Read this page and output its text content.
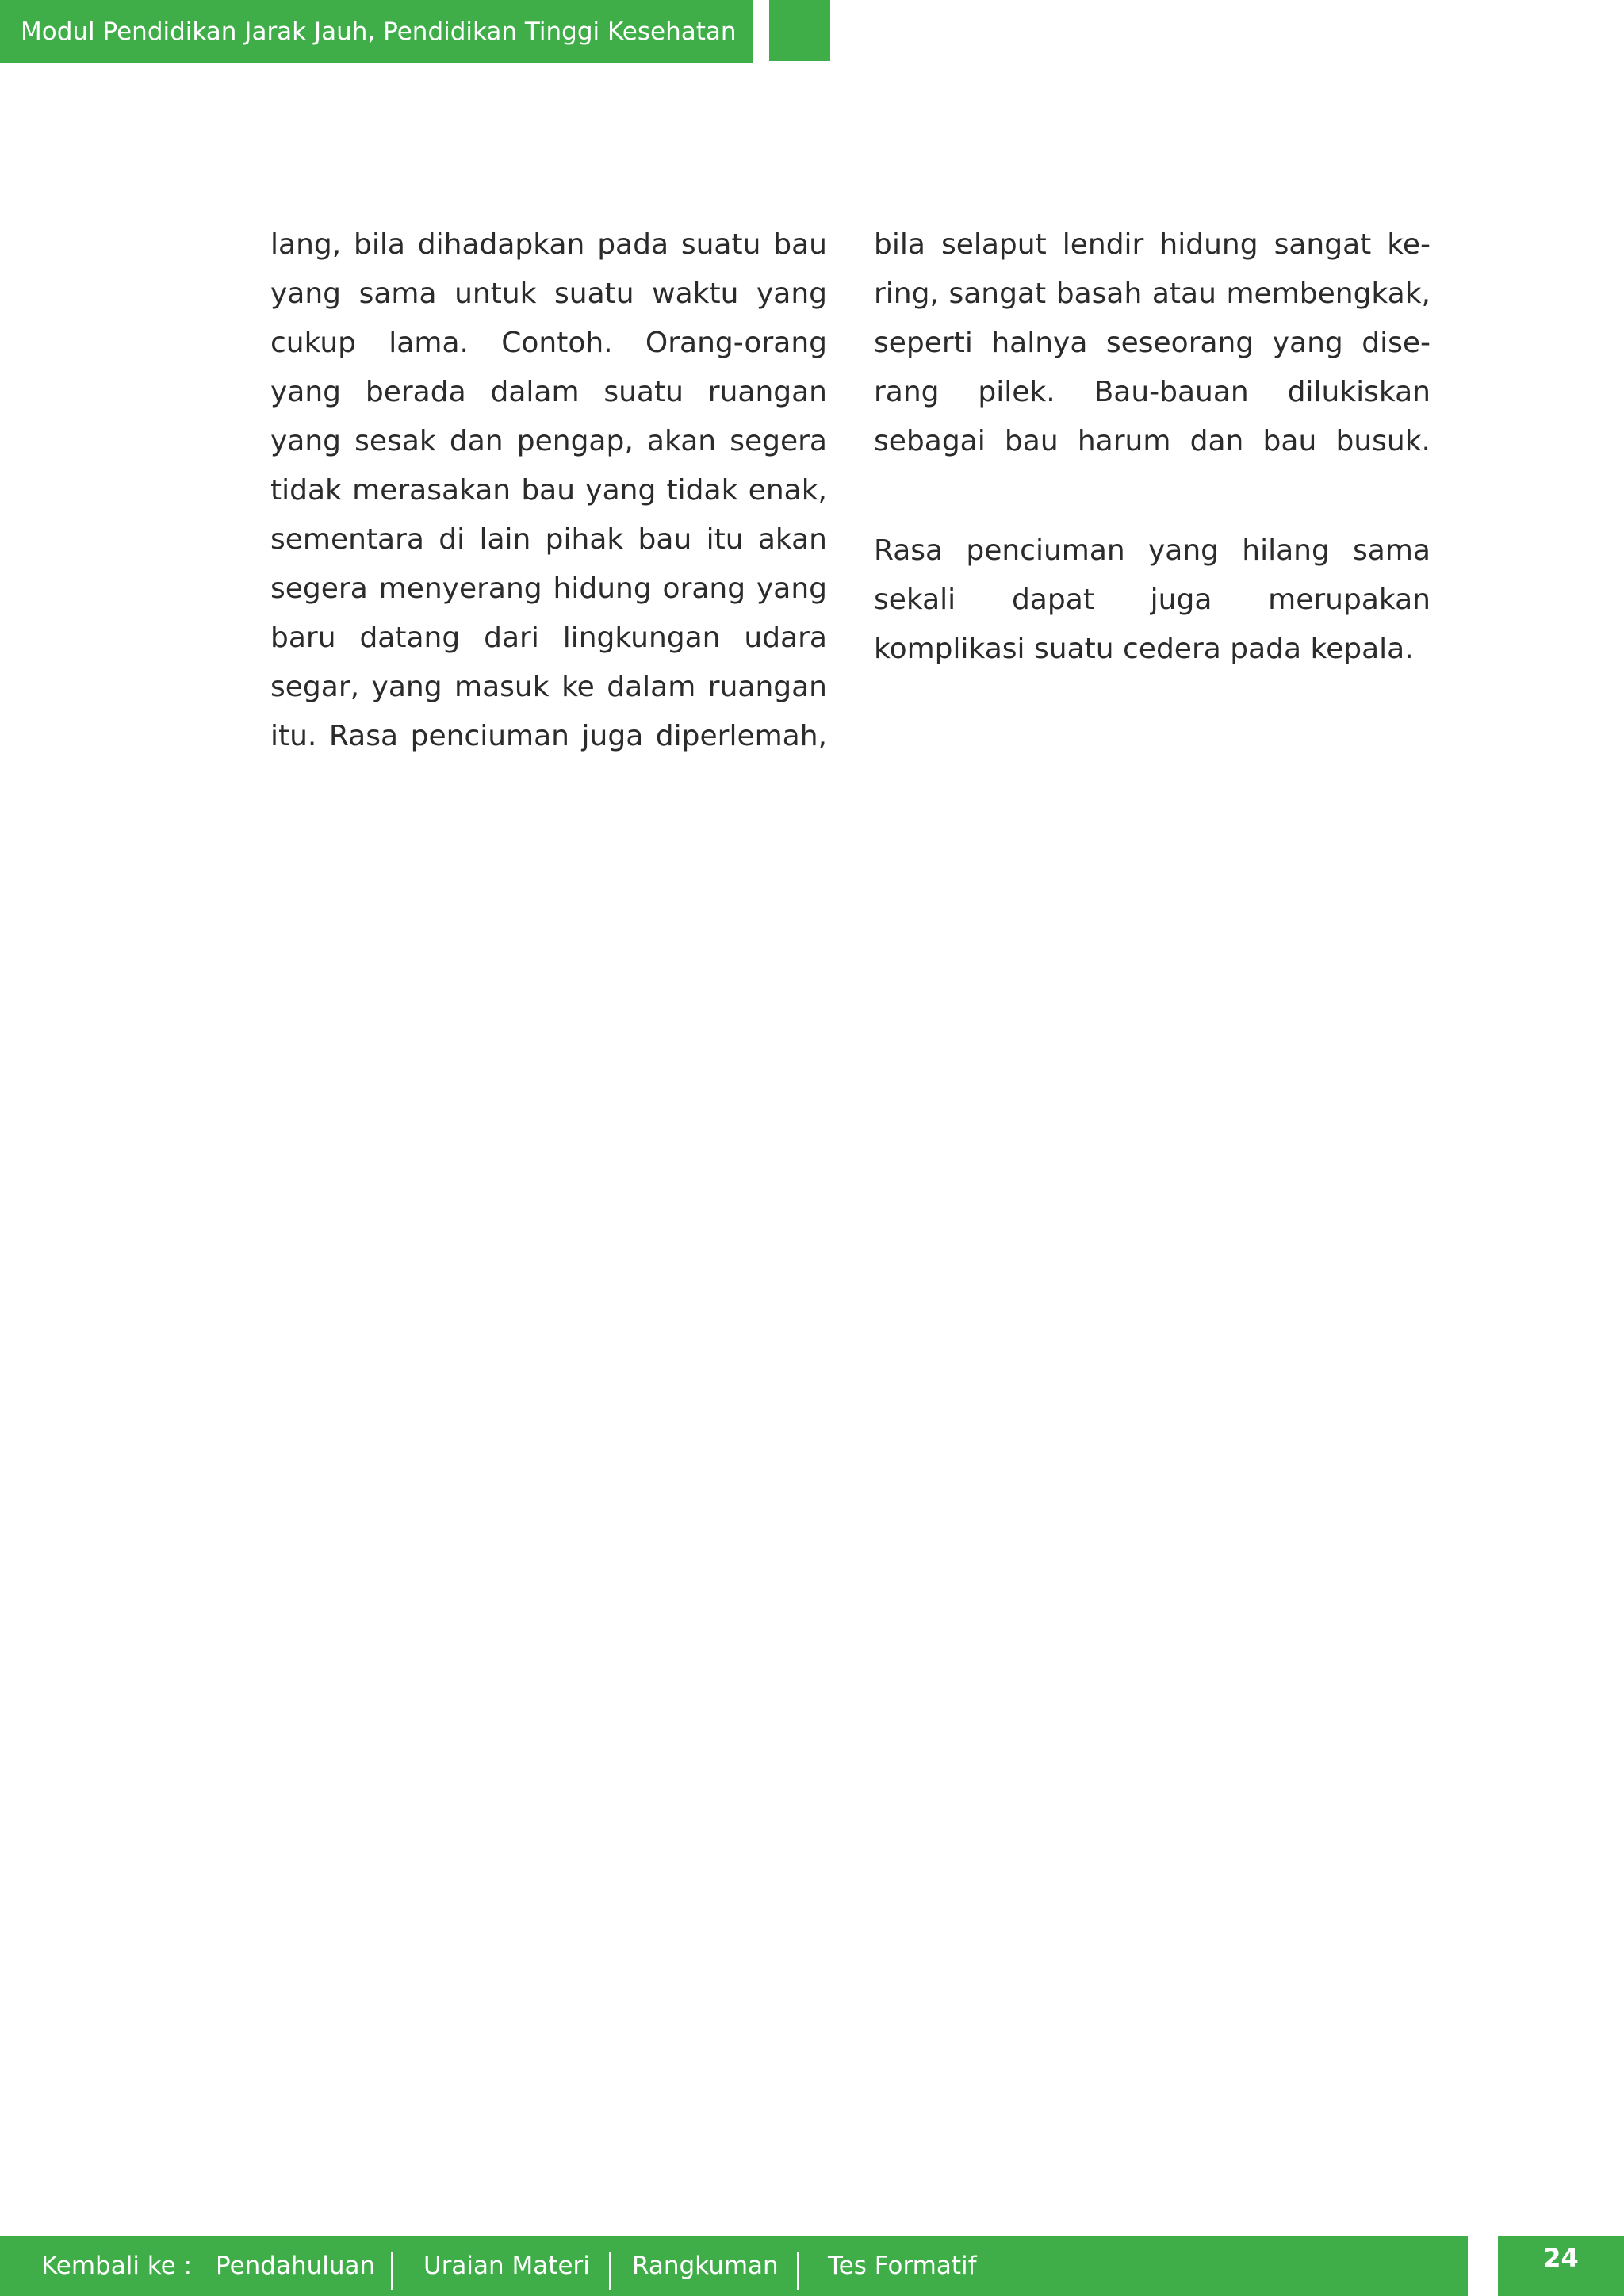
Modul Pendidikan Jarak Jauh, Pendidikan Tinggi Kesehatan

lang, bila dihadapkan pada suatu bau yang sama untuk suatu waktu yang cukup lama. Contoh. Orang-orang yang berada dalam suatu ruangan yang sesak dan pengap, akan segera tidak merasakan bau yang tidak enak, sementara di lain pihak bau itu akan segera menyerang hidung orang yang baru datang dari lingkungan udara segar, yang masuk ke dalam ruangan itu. Rasa penciuman juga diperlemah,

bila selaput lendir hidung sangat ke-ring, sangat basah atau membengkak, seperti halnya seseorang yang dise-rang pilek. Bau-bauan dilukiskan sebagai bau harum dan bau busuk.

Rasa penciuman yang hilang sama sekali dapat juga merupakan komplikasi suatu cedera pada kepala.

Kembali ke : Pendahuluan Uraian Materi Rangkuman Tes Formatif	24
